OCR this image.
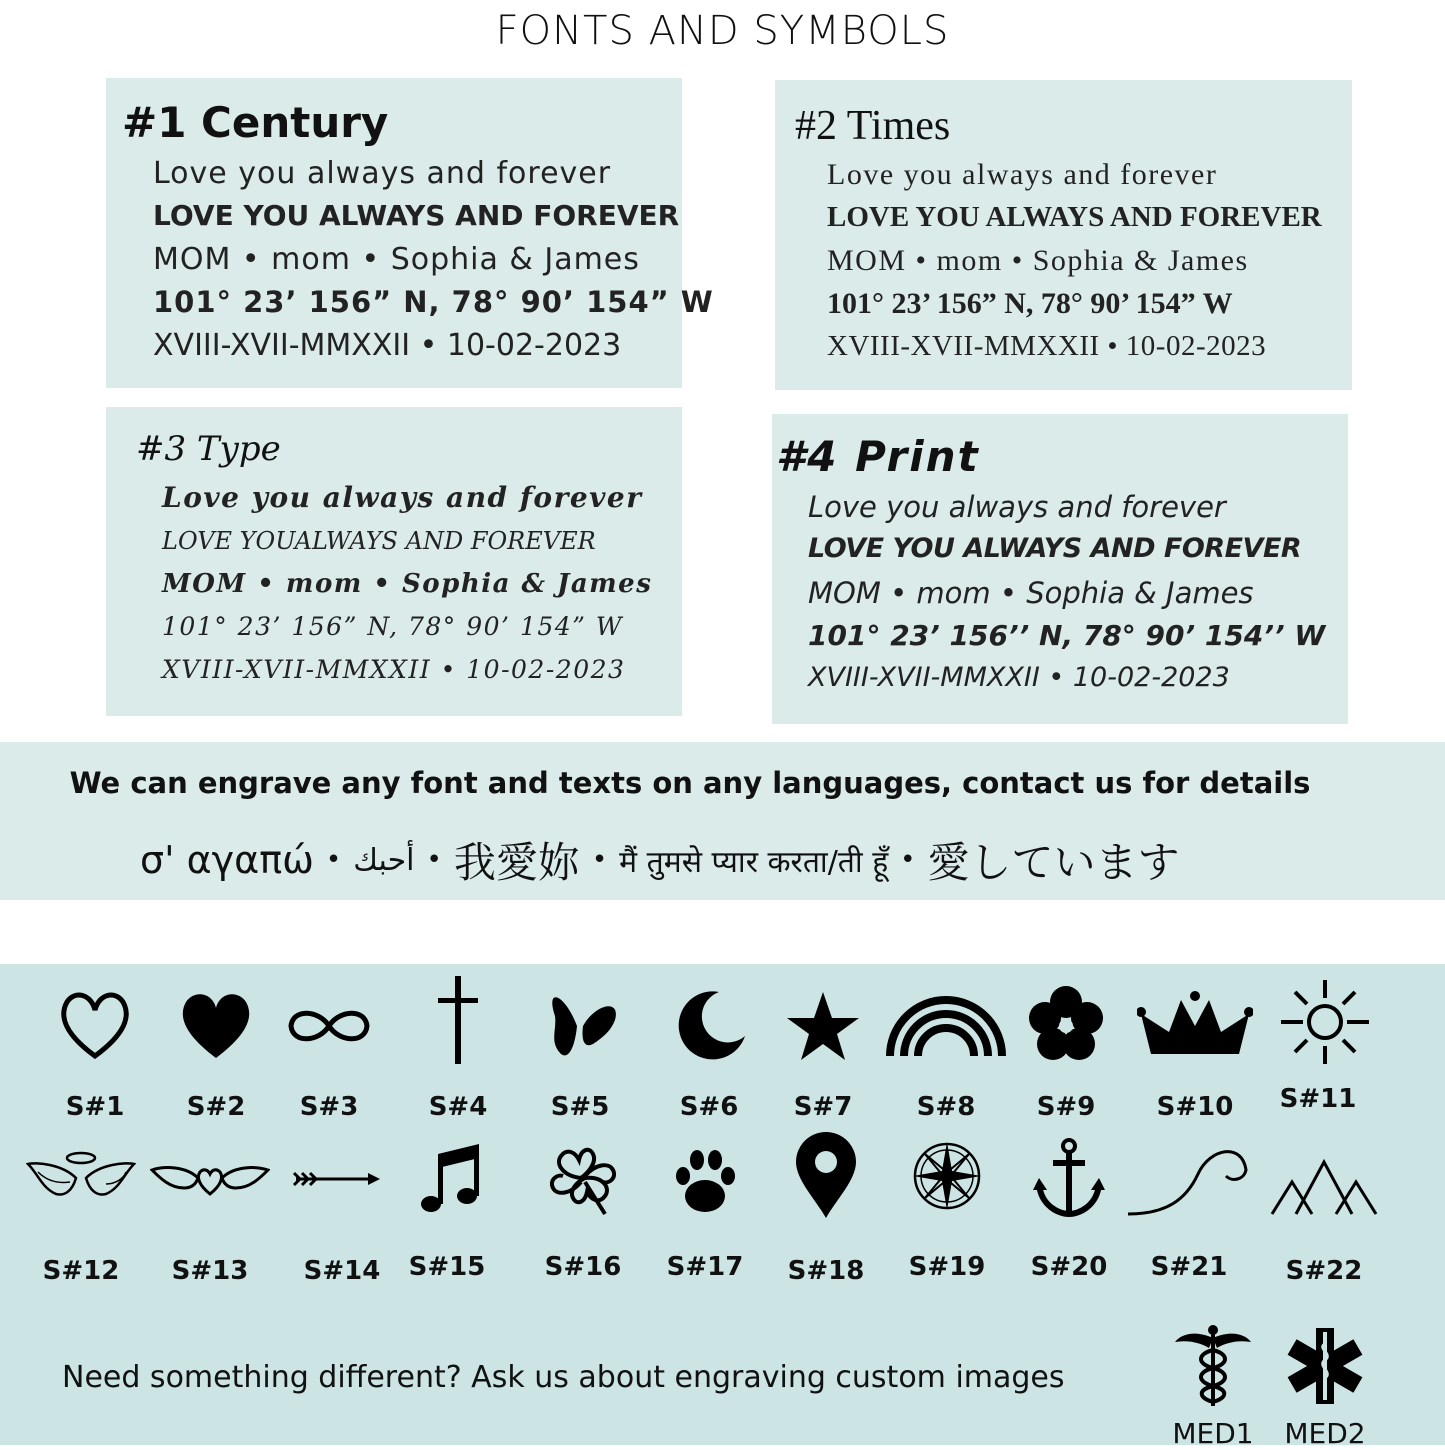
FONTS AND SYMBOLS
#1 Century
Love you always and forever
LOVE YOU ALWAYS AND FOREVER
MOM • mom • Sophia & James
101° 23’ 156” N, 78° 90’ 154” W
XVIII-XVII-MMXXII • 10-02-2023
#2 Times
Love you always and forever
LOVE YOU ALWAYS AND FOREVER
MOM • mom • Sophia & James
101° 23’ 156” N, 78° 90’ 154” W
XVIII-XVII-MMXXII • 10-02-2023
#3 Type
Love you always and forever
LOVE YOUALWAYS AND FOREVER
MOM • mom • Sophia & James
101° 23’ 156” N, 78° 90’ 154” W
XVIII-XVII-MMXXII • 10-02-2023
#4 Print
Love you always and forever
LOVE YOU ALWAYS AND FOREVER
MOM • mom • Sophia & James
101° 23’ 156’’ N, 78° 90’ 154’’ W
XVIII-XVII-MMXXII • 10-02-2023
We can engrave any font and texts on any languages, contact us for details
σ' αγαπώ • أحبك • 我愛妳 • मैं तुमसे प्यार करता/ती हूँ • 愛しています
S#1	S#2	S#3	S#4	S#5	S#6	S#7	S#8	S#9	S#10	S#11
S#12	S#13	S#14	S#15	S#16	S#17	S#18	S#19	S#20	S#21	S#22
Need something different? Ask us about engraving custom images
MED1 MED2
